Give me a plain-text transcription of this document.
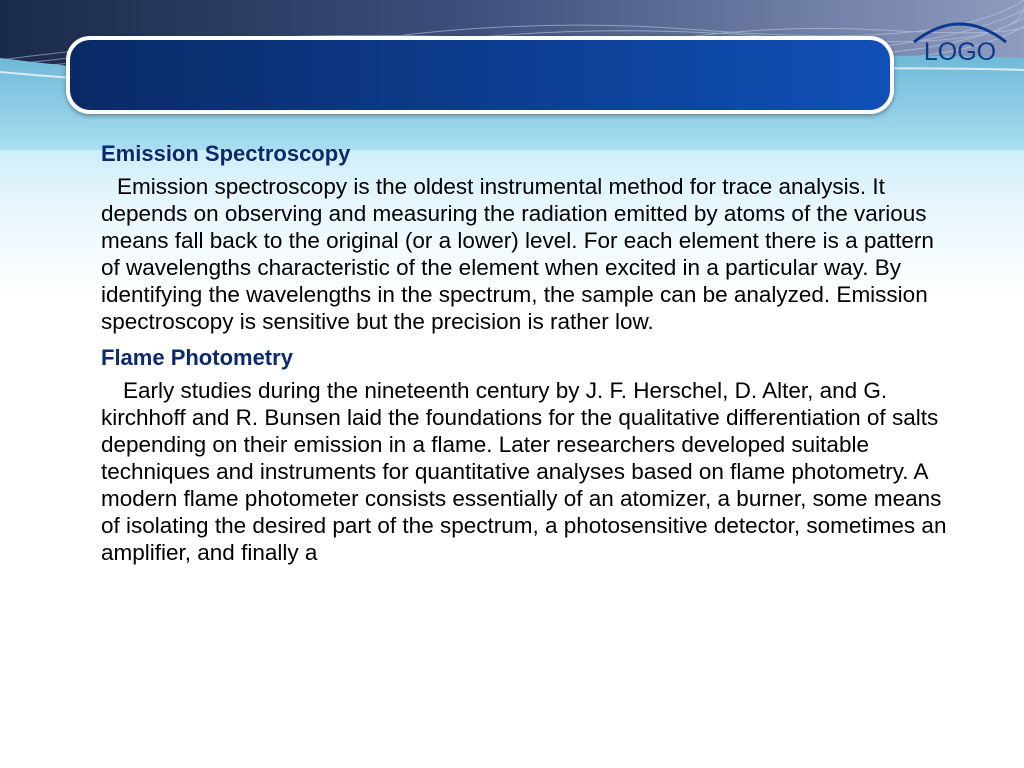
LOGO
Emission Spectroscopy
Emission spectroscopy is the oldest instrumental method for trace analysis. It depends on observing and measuring the radiation emitted by atoms of the various means fall back to the original (or a lower) level. For each element there is a pattern of wavelengths characteristic of the element when excited in a particular way. By identifying the wavelengths in the spectrum, the sample can be analyzed. Emission spectroscopy is sensitive but the precision is rather low.
Flame Photometry
Early studies during the nineteenth century by J. F. Herschel, D. Alter, and G. kirchhoff and R. Bunsen laid the foundations for the qualitative differentiation of salts depending on their emission in a flame. Later researchers developed suitable techniques and instruments for quantitative analyses based on flame photometry. A modern flame photometer consists essentially of an atomizer, a burner, some means of isolating the desired part of the spectrum, a photosensitive detector, sometimes an amplifier, and finally a
